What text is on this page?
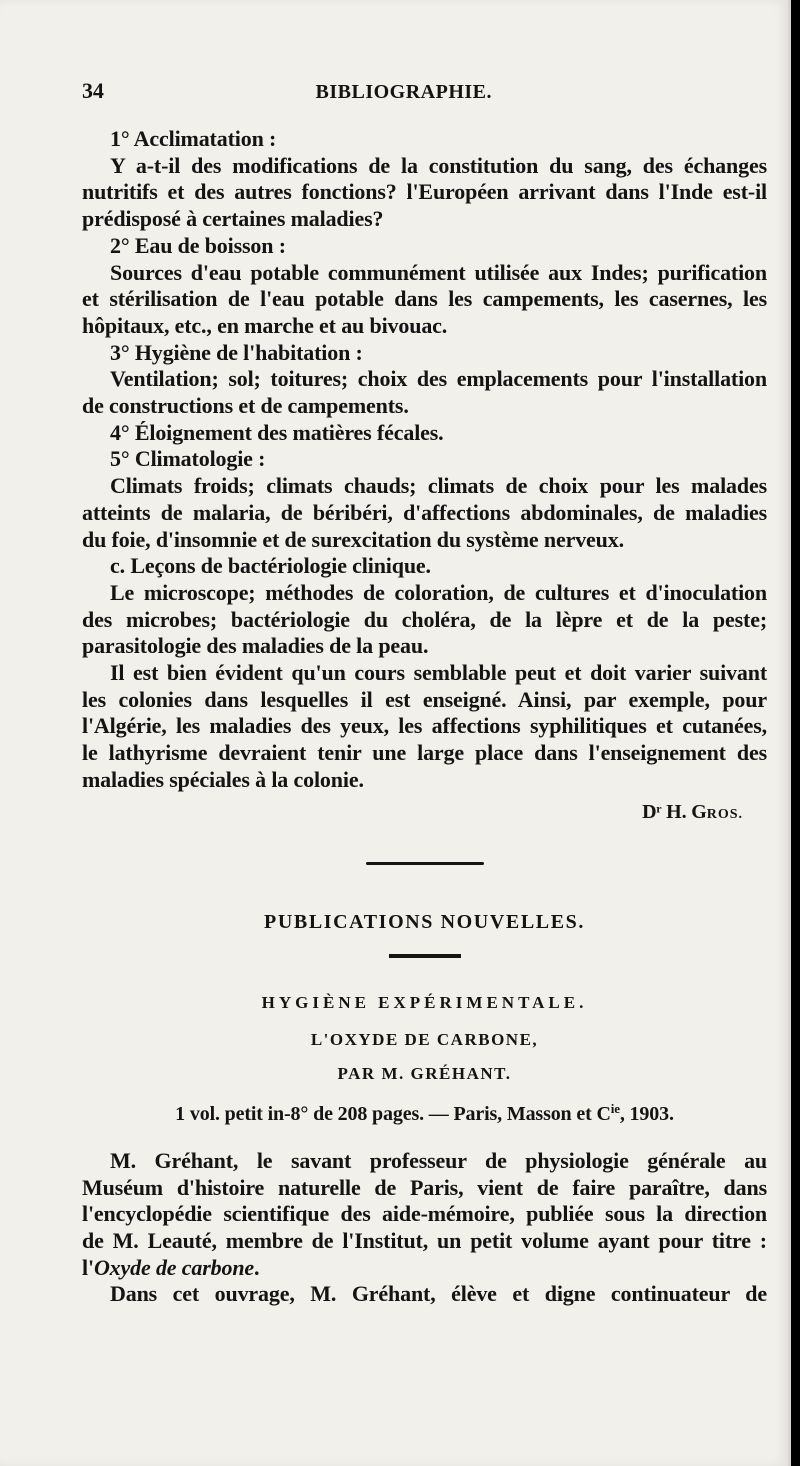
34	BIBLIOGRAPHIE.
1° Acclimatation :
Y a-t-il des modifications de la constitution du sang, des échanges
nutritifs et des autres fonctions? l'Européen arrivant dans l'Inde est-il
prédisposé à certaines maladies?
2° Eau de boisson :
Sources d'eau potable communément utilisée aux Indes; purification
et stérilisation de l'eau potable dans les campements, les casernes, les
hôpitaux, etc., en marche et au bivouac.
3° Hygiène de l'habitation :
Ventilation; sol; toitures; choix des emplacements pour l'installation
de constructions et de campements.
4° Éloignement des matières fécales.
5° Climatologie :
Climats froids; climats chauds; climats de choix pour les malades
atteints de malaria, de béribéri, d'affections abdominales, de maladies
du foie, d'insomnie et de surexcitation du système nerveux.
c. Leçons de bactériologie clinique.
Le microscope; méthodes de coloration, de cultures et d'inoculation
des microbes; bactériologie du choléra, de la lèpre et de la peste;
parasitologie des maladies de la peau.
Il est bien évident qu'un cours semblable peut et doit varier suivant
les colonies dans lesquelles il est enseigné. Ainsi, par exemple, pour
l'Algérie, les maladies des yeux, les affections syphilitiques et cutanées,
le lathyrisme devraient tenir une large place dans l'enseignement des
maladies spéciales à la colonie.
Dʳ H. GROS.
PUBLICATIONS NOUVELLES.
HYGIÈNE EXPÉRIMENTALE.
L'OXYDE DE CARBONE,
PAR M. GRÉHANT.
1 vol. petit in-8° de 208 pages. — Paris, Masson et $C^{ie}$, 1903.
M. Gréhant, le savant professeur de physiologie générale au
Muséum d'histoire naturelle de Paris, vient de faire paraître, dans
l'encyclopédie scientifique des aide-mémoire, publiée sous la direction
de M. Leauté, membre de l'Institut, un petit volume ayant pour titre :
l'Oxyde de carbone.
Dans cet ouvrage, M. Gréhant, élève et digne continuateur de
